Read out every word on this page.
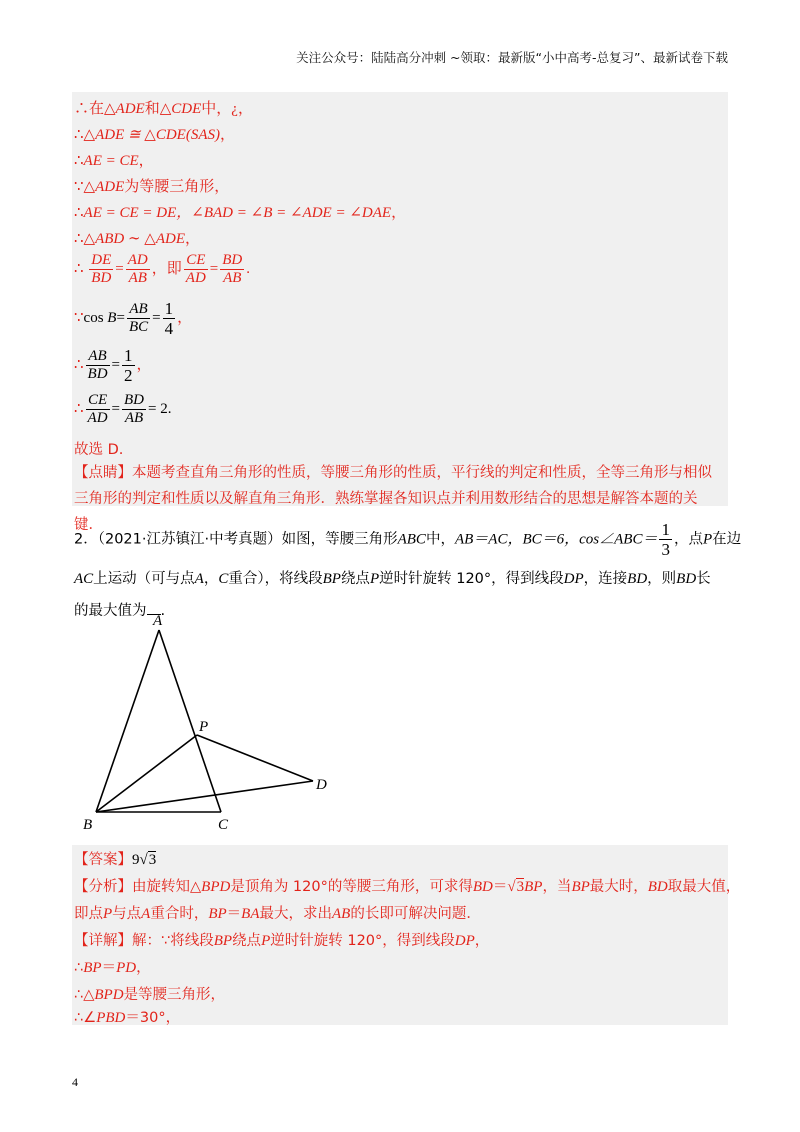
关注公众号：陆陆高分冲刺 ~领取：最新版“小中高考-总复习”、最新试卷下载
∴在△ADE和△CDE中，¿，
∴△ADE ≅ △CDE(SAS)，
∴AE = CE，
∵△ADE为等腰三角形，
∴AE = CE = DE，∠BAD = ∠B = ∠ADE = ∠DAE，
∴△ABD ∼ △ADE，
∴ $\frac{DE}{BD} = \frac{AD}{AB}$ ，即 $\frac{CE}{AD} = \frac{BD}{AB}$ .
∵cos $B= \frac{AB}{BC} = \frac{1}{4}$ ，
∴ $\frac{AB}{BD} = \frac{1}{2}$ ，
∴ $\frac{CE}{AD} = \frac{BD}{AB} = 2$.
故选 D.
【点睛】本题考查直角三角形的性质，等腰三角形的性质，平行线的判定和性质，全等三角形与相似三角形的判定和性质以及解直角三角形．熟练掌握各知识点并利用数形结合的思想是解答本题的关键．
2．（2021·江苏镇江·中考真题）如图，等腰三角形ABC中，AB＝AC，BC＝6，cos∠ABC＝ $\frac{1}{3}$ ，点P在边
AC上运动（可与点A，C重合），将线段BP绕点P逆时针旋转 120°，得到线段DP，连接BD，则BD长
的最大值为 .
A
B	C
P
D
【答案】9√3
【分析】由旋转知△BPD是顶角为 120°的等腰三角形，可求得BD＝√3BP，当BP最大时，BD取最大值，
即点P与点A重合时，BP＝BA最大，求出AB的长即可解决问题．
【详解】解：∵将线段BP绕点P逆时针旋转 120°，得到线段DP，
∴BP＝PD，
∴△BPD是等腰三角形，
∴∠PBD＝30°，
4
